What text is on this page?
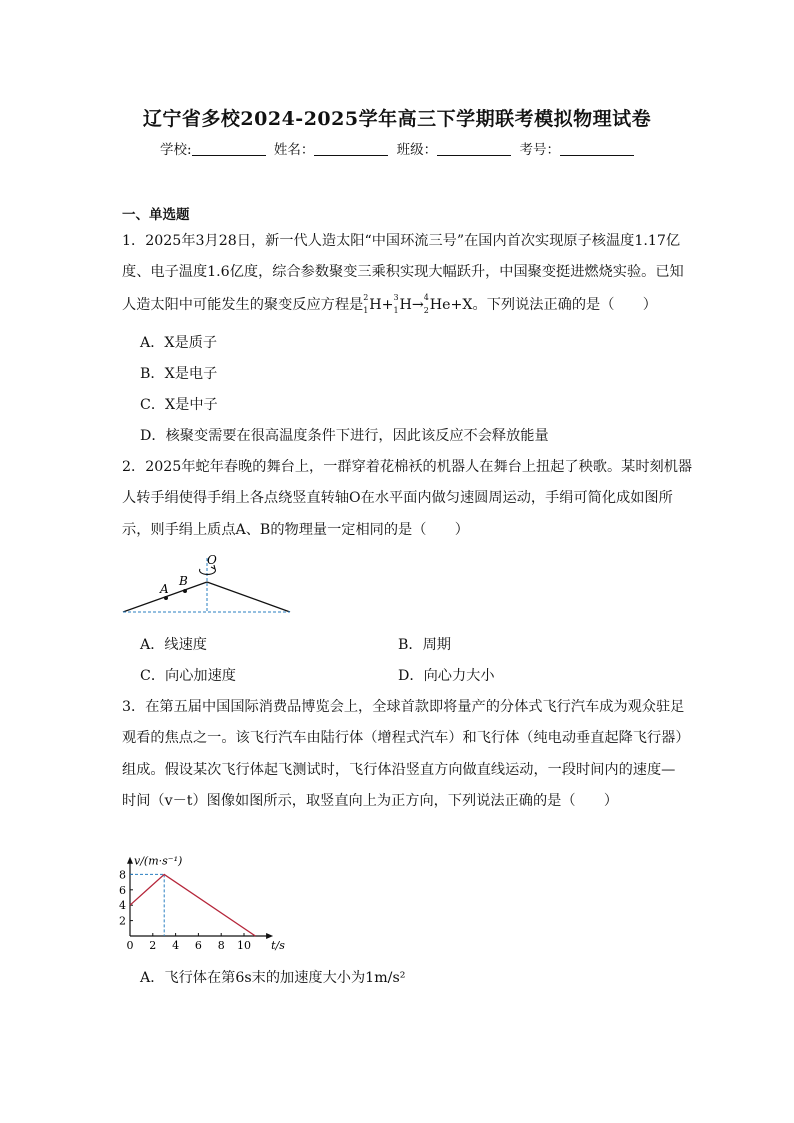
辽宁省多校2024-2025学年高三下学期联考模拟物理试卷
学校:	姓名：	班级：	考号：
一、单选题
1．2025年3月28日，新一代人造太阳“中国环流三号”在国内首次实现原子核温度1.17亿
度、电子温度1.6亿度，综合参数聚变三乘积实现大幅跃升，中国聚变挺进燃烧实验。已知
人造太阳中可能发生的聚变反应方程是 2
1 H+ 3
1 H→ 4
2 He+X。下列说法正确的是（　　）
A．X是质子
B．X是电子
C．X是中子
D．核聚变需要在很高温度条件下进行，因此该反应不会释放能量
2．2025年蛇年春晚的舞台上，一群穿着花棉袄的机器人在舞台上扭起了秧歌。某时刻机器
人转手绢使得手绢上各点绕竖直转轴O在水平面内做匀速圆周运动，手绢可简化成如图所
示，则手绢上质点A、B的物理量一定相同的是（　　）
O
A
B
A．线速度	B．周期
C．向心加速度	D．向心力大小
3．在第五届中国国际消费品博览会上，全球首款即将量产的分体式飞行汽车成为观众驻足
观看的焦点之一。该飞行汽车由陆行体（增程式汽车）和飞行体（纯电动垂直起降飞行器）
组成。假设某次飞行体起飞测试时，飞行体沿竖直方向做直线运动，一段时间内的速度—
时间（v－t）图像如图所示，取竖直向上为正方向，下列说法正确的是（　　）
0 2 4 6 8 10
2
4
6
8
v/(m·s⁻¹)
t/s
A．飞行体在第6s末的加速度大小为1m/s²
